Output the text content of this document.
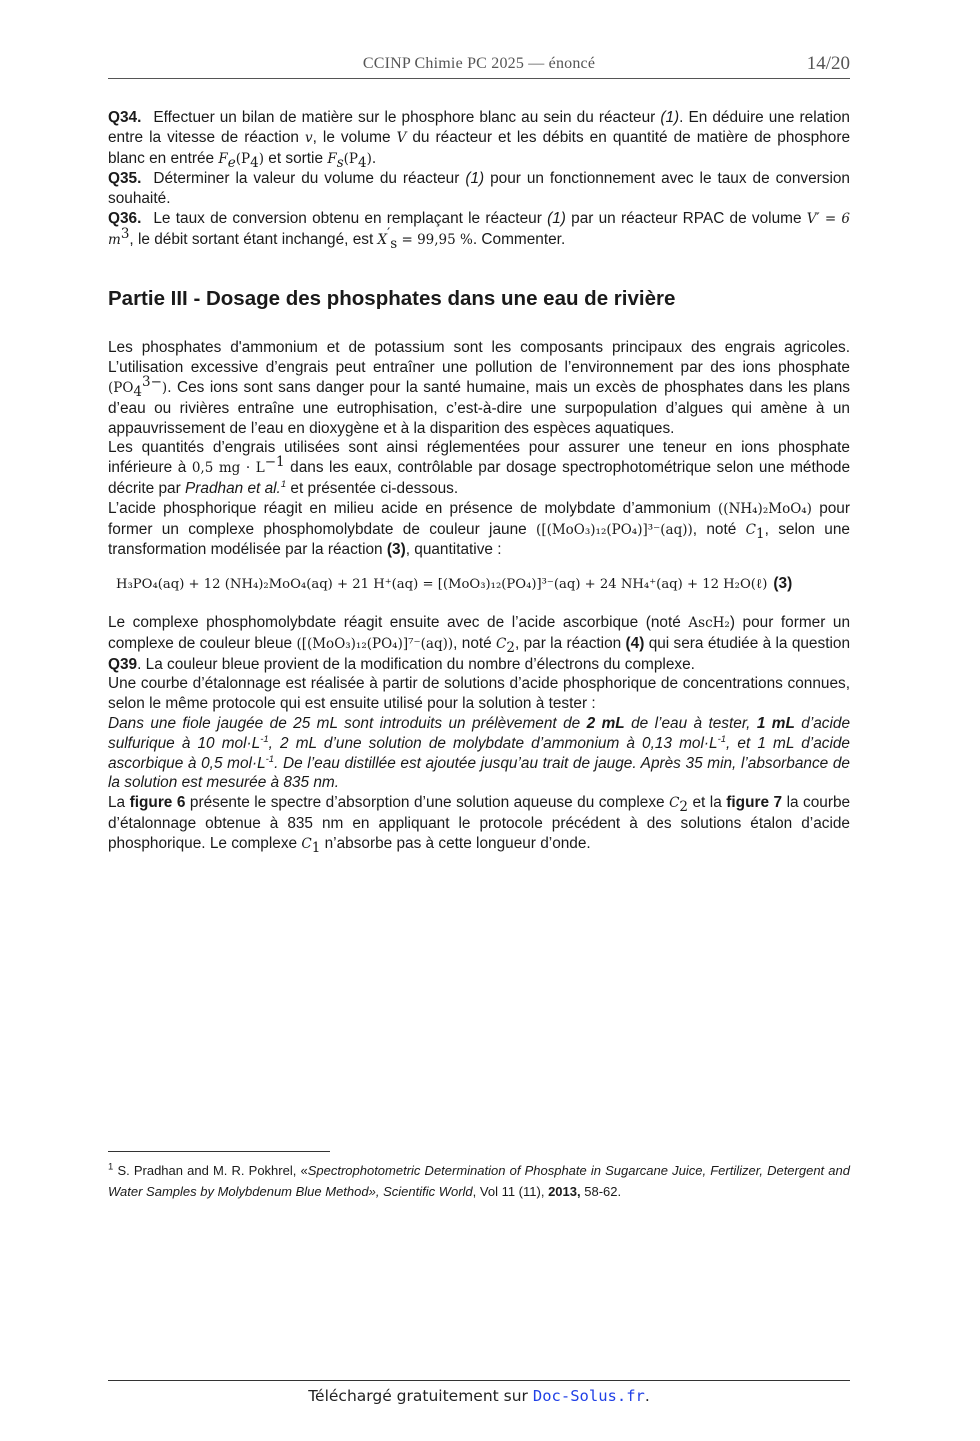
CCINP Chimie PC 2025 — énoncé	14/20

Q34. Effectuer un bilan de matière sur le phosphore blanc au sein du réacteur (1). En déduire une relation entre la vitesse de réaction v, le volume V du réacteur et les débits en quantité de matière de phosphore blanc en entrée $F_e(P_4)$ et sortie $F_s(P_4)$.

Q35. Déterminer la valeur du volume du réacteur (1) pour un fonctionnement avec le taux de conversion souhaité.

Q36. Le taux de conversion obtenu en remplaçant le réacteur (1) par un réacteur RPAC de volume V′ = 6 $m^3$, le débit sortant étant inchangé, est $X'_s = 99,95$ %. Commenter.

Partie III - Dosage des phosphates dans une eau de rivière

Les phosphates d'ammonium et de potassium sont les composants principaux des engrais agricoles. L’utilisation excessive d’engrais peut entraîner une pollution de l’environnement par des ions phosphate $(PO_4^{3-})$. Ces ions sont sans danger pour la santé humaine, mais un excès de phosphates dans les plans d’eau ou rivières entraîne une eutrophisation, c’est-à-dire une surpopulation d’algues qui amène à un appauvrissement de l’eau en dioxygène et à la disparition des espèces aquatiques.

Les quantités d’engrais utilisées sont ainsi réglementées pour assurer une teneur en ions phosphate inférieure à 0,5 mg · $L^{-1}$ dans les eaux, contrôlable par dosage spectrophotométrique selon une méthode décrite par Pradhan et al.$^1$ et présentée ci-dessous.

L’acide phosphorique réagit en milieu acide en présence de molybdate d’ammonium ((NH₄)₂MoO₄) pour former un complexe phosphomolybdate de couleur jaune ([(MoO₃)₁₂(PO₄)]³⁻(aq)), noté $C_1$, selon une transformation modélisée par la réaction (3), quantitative :

H₃PO₄(aq) + 12 (NH₄)₂MoO₄(aq) + 21 H⁺(aq) = [(MoO₃)₁₂(PO₄)]³⁻(aq) + 24 NH₄⁺(aq) + 12 H₂O(ℓ) (3)

Le complexe phosphomolybdate réagit ensuite avec de l’acide ascorbique (noté AscH₂) pour former un complexe de couleur bleue ([(MoO₃)₁₂(PO₄)]⁷⁻(aq)), noté $C_2$, par la réaction (4) qui sera étudiée à la question Q39. La couleur bleue provient de la modification du nombre d’électrons du complexe.

Une courbe d’étalonnage est réalisée à partir de solutions d’acide phosphorique de concentrations connues, selon le même protocole qui est ensuite utilisé pour la solution à tester :

Dans une fiole jaugée de 25 mL sont introduits un prélèvement de 2 mL de l’eau à tester, 1 mL d’acide sulfurique à 10 $mol\cdot L^{-1}$, 2 mL d’une solution de molybdate d’ammonium à 0,13 $mol\cdot L^{-1}$, et 1 mL d’acide ascorbique à 0,5 $mol\cdot L^{-1}$. De l’eau distillée est ajoutée jusqu’au trait de jauge. Après 35 min, l’absorbance de la solution est mesurée à 835 nm.

La figure 6 présente le spectre d’absorption d’une solution aqueuse du complexe $C_2$ et la figure 7 la courbe d’étalonnage obtenue à 835 nm en appliquant le protocole précédent à des solutions étalon d’acide phosphorique. Le complexe $C_1$ n’absorbe pas à cette longueur d’onde.

$^1$ S. Pradhan and M. R. Pokhrel, «Spectrophotometric Determination of Phosphate in Sugarcane Juice, Fertilizer, Detergent and Water Samples by Molybdenum Blue Method», Scientific World, Vol 11 (11), 2013, 58-62.
Téléchargé gratuitement sur Doc-Solus.fr.
